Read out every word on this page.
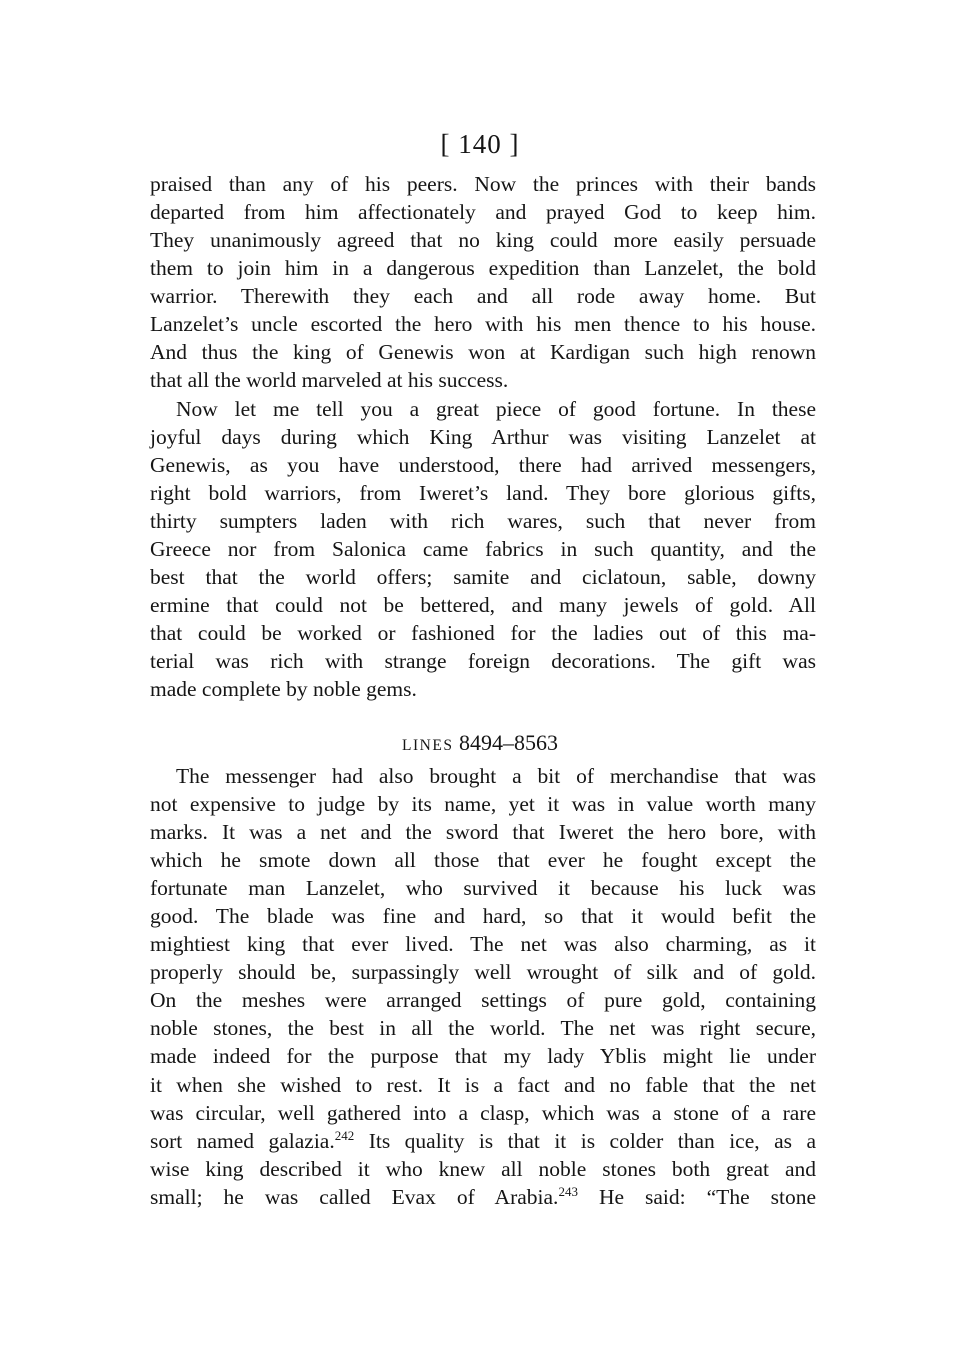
[ 140 ]
praised than any of his peers. Now the princes with their bands
departed from him affectionately and prayed God to keep him.
They unanimously agreed that no king could more easily persuade
them to join him in a dangerous expedition than Lanzelet, the bold
warrior. Therewith they each and all rode away home. But
Lanzelet’s uncle escorted the hero with his men thence to his house.
And thus the king of Genewis won at Kardigan such high renown
that all the world marveled at his success.
Now let me tell you a great piece of good fortune. In these
joyful days during which King Arthur was visiting Lanzelet at
Genewis, as you have understood, there had arrived messengers,
right bold warriors, from Iweret’s land. They bore glorious gifts,
thirty sumpters laden with rich wares, such that never from
Greece nor from Salonica came fabrics in such quantity, and the
best that the world offers; samite and ciclatoun, sable, downy
ermine that could not be bettered, and many jewels of gold. All
that could be worked or fashioned for the ladies out of this ma-
terial was rich with strange foreign decorations. The gift was
made complete by noble gems.
LINES 8494–8563
The messenger had also brought a bit of merchandise that was
not expensive to judge by its name, yet it was in value worth many
marks. It was a net and the sword that Iweret the hero bore, with
which he smote down all those that ever he fought except the
fortunate man Lanzelet, who survived it because his luck was
good. The blade was fine and hard, so that it would befit the
mightiest king that ever lived. The net was also charming, as it
properly should be, surpassingly well wrought of silk and of gold.
On the meshes were arranged settings of pure gold, containing
noble stones, the best in all the world. The net was right secure,
made indeed for the purpose that my lady Yblis might lie under
it when she wished to rest. It is a fact and no fable that the net
was circular, well gathered into a clasp, which was a stone of a rare
sort named galazia.$^{242}$ Its quality is that it is colder than ice, as a
wise king described it who knew all noble stones both great and
small; he was called Evax of Arabia.$^{243}$ He said: “The stone
